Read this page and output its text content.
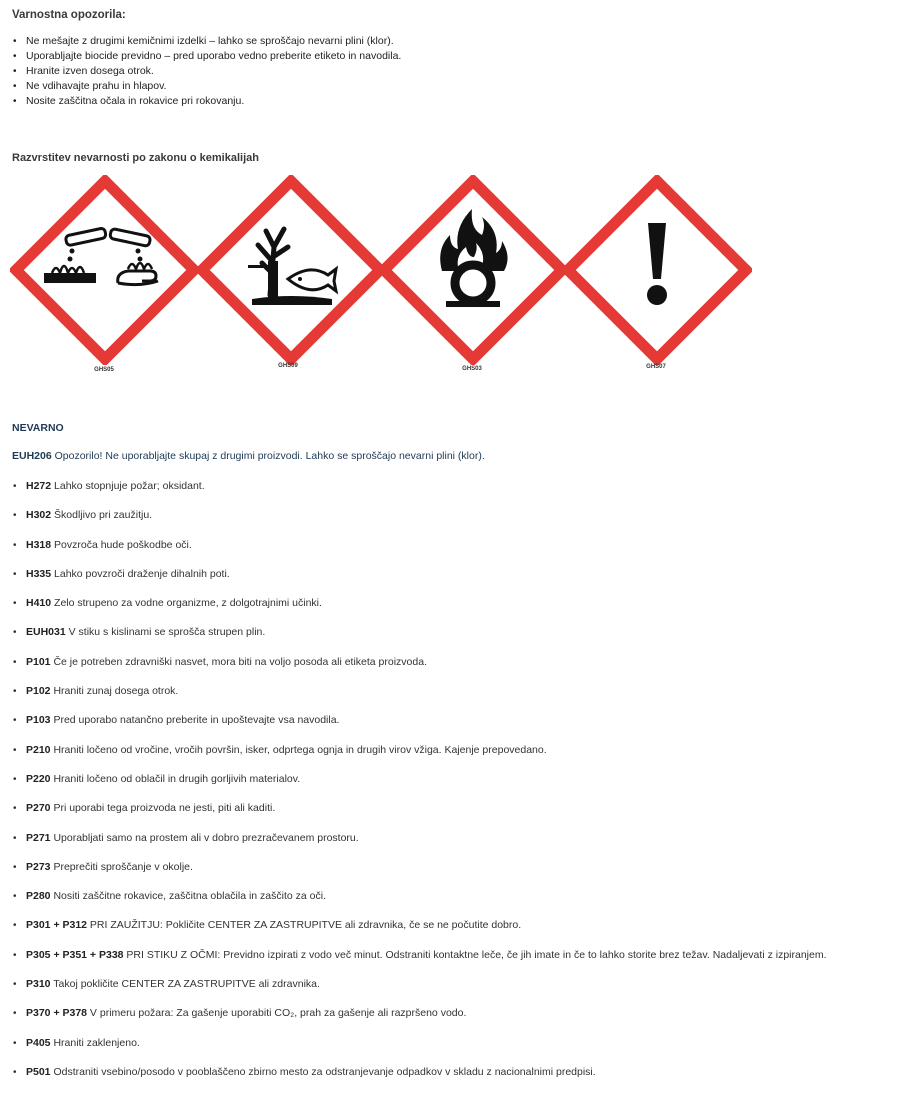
Varnostna opozorila:
• Ne mešajte z drugimi kemičnimi izdelki – lahko se sproščajo nevarni plini (klor).
• Uporabljajte biocide previdno – pred uporabo vedno preberite etiketo in navodila.
• Hranite izven dosega otrok.
• Ne vdihavajte prahu in hlapov.
• Nosite zaščitna očala in rokavice pri rokovanju.
Razvrstitev nevarnosti po zakonu o kemikalijah
GHS05
GHS09	GHS03	GHS07

NEVARNO

EUH206 Opozorilo! Ne uporabljajte skupaj z drugimi proizvodi. Lahko se sproščajo nevarni plini (klor).

• H272 Lahko stopnjuje požar; oksidant.
• H302 Škodljivo pri zaužitju.
• H318 Povzroča hude poškodbe oči.
• H335 Lahko povzroči draženje dihalnih poti.
• H410 Zelo strupeno za vodne organizme, z dolgotrajnimi učinki.
• EUH031 V stiku s kislinami se sprošča strupen plin.
• P101 Če je potreben zdravniški nasvet, mora biti na voljo posoda ali etiketa proizvoda.
• P102 Hraniti zunaj dosega otrok.
• P103 Pred uporabo natančno preberite in upoštevajte vsa navodila.
• P210 Hraniti ločeno od vročine, vročih površin, isker, odprtega ognja in drugih virov vžiga. Kajenje prepovedano.
• P220 Hraniti ločeno od oblačil in drugih gorljivih materialov.
• P270 Pri uporabi tega proizvoda ne jesti, piti ali kaditi.
• P271 Uporabljati samo na prostem ali v dobro prezračevanem prostoru.
• P273 Preprečiti sproščanje v okolje.
• P280 Nositi zaščitne rokavice, zaščitna oblačila in zaščito za oči.
• P301 + P312 PRI ZAUŽITJU: Pokličite CENTER ZA ZASTRUPITVE ali zdravnika, če se ne počutite dobro.
• P305 + P351 + P338 PRI STIKU Z OČMI: Previdno izpirati z vodo več minut. Odstraniti kontaktne leče, če jih imate in če to lahko storite brez težav. Nadaljevati z izpiranjem.
• P310 Takoj pokličite CENTER ZA ZASTRUPITVE ali zdravnika.
• P370 + P378 V primeru požara: Za gašenje uporabiti CO₂, prah za gašenje ali razpršeno vodo.
• P405 Hraniti zaklenjeno.
• P501 Odstraniti vsebino/posodo v pooblaščeno zbirno mesto za odstranjevanje odpadkov v skladu z nacionalnimi predpisi.
